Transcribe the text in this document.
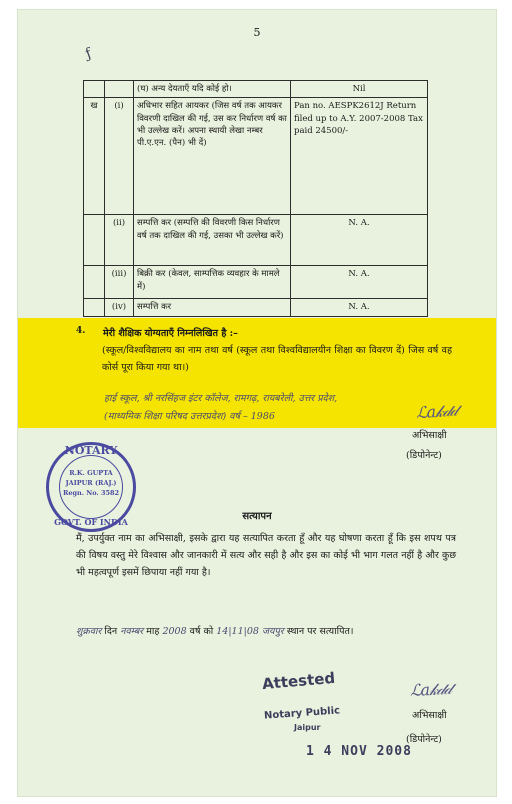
5
ƒ
		(घ) अन्य देयताएँ यदि कोई हो।	Nil
ख	(i)	अधिभार सहित आयकर (जिस वर्ष तक आयकर विवरणी दाखिल की गई, उस कर निर्धारण वर्ष का भी उल्लेख करें। अपना स्थायी लेखा नम्बर पी.ए.एन. (पैन) भी दें)	Pan no. AESPK2612J Return filed up to A.Y. 2007-2008 Tax paid 24500/-
	(ii)	सम्पत्ति कर (सम्पत्ति की विवरणी किस निर्धारण वर्ष तक दाखिल की गई, उसका भी उल्लेख करें)	N. A.
	(iii)	बिक्री कर (केवल, साम्पत्तिक व्यवहार के मामले में)	N. A.
	(iv)	सम्पत्ति कर	N. A.
4. मेरी शैक्षिक योग्यताएँ निम्नलिखित है :–
(स्कूल/विश्वविद्यालय का नाम तथा वर्ष (स्कूल तथा विश्वविद्यालयीन शिक्षा का विवरण दें) जिस वर्ष वह कोर्स पूरा किया गया था।)
हाई स्कूल, श्री नरसिंहज इंटर कॉलेज, रामगढ़, रायबरेली, उत्तर प्रदेश,
(माध्यमिक शिक्षा परिषद उत्तरप्रदेश) वर्ष – 1986	ℒa𝓀𝒹𝒹
अभिसाक्षी
(डिपोनेन्ट)
NOTARY
R.K. GUPTA
JAIPUR (RAJ.)
Regn. No. 3582
GOVT. OF INDIA	सत्यापन
मैं, उपर्युक्त नाम का अभिसाक्षी, इसके द्वारा यह सत्यापित करता हूँ और यह घोषणा करता हूँ कि इस शपथ पत्र की विषय वस्तु मेरे विश्वास और जानकारी में सत्य और सही है और इस का कोई भी भाग गलत नहीं है और कुछ भी महत्वपूर्ण इसमें छिपाया नहीं गया है।
शुक्रवार दिन नवम्बर माह 2008 वर्ष को 14|11|08 जयपुर स्थान पर सत्यापित।
Attested
Notary Public
Jaipur
1 4 NOV 2008
ℒa𝓀𝒹𝒹
अभिसाक्षी
(डिपोनेन्ट)
